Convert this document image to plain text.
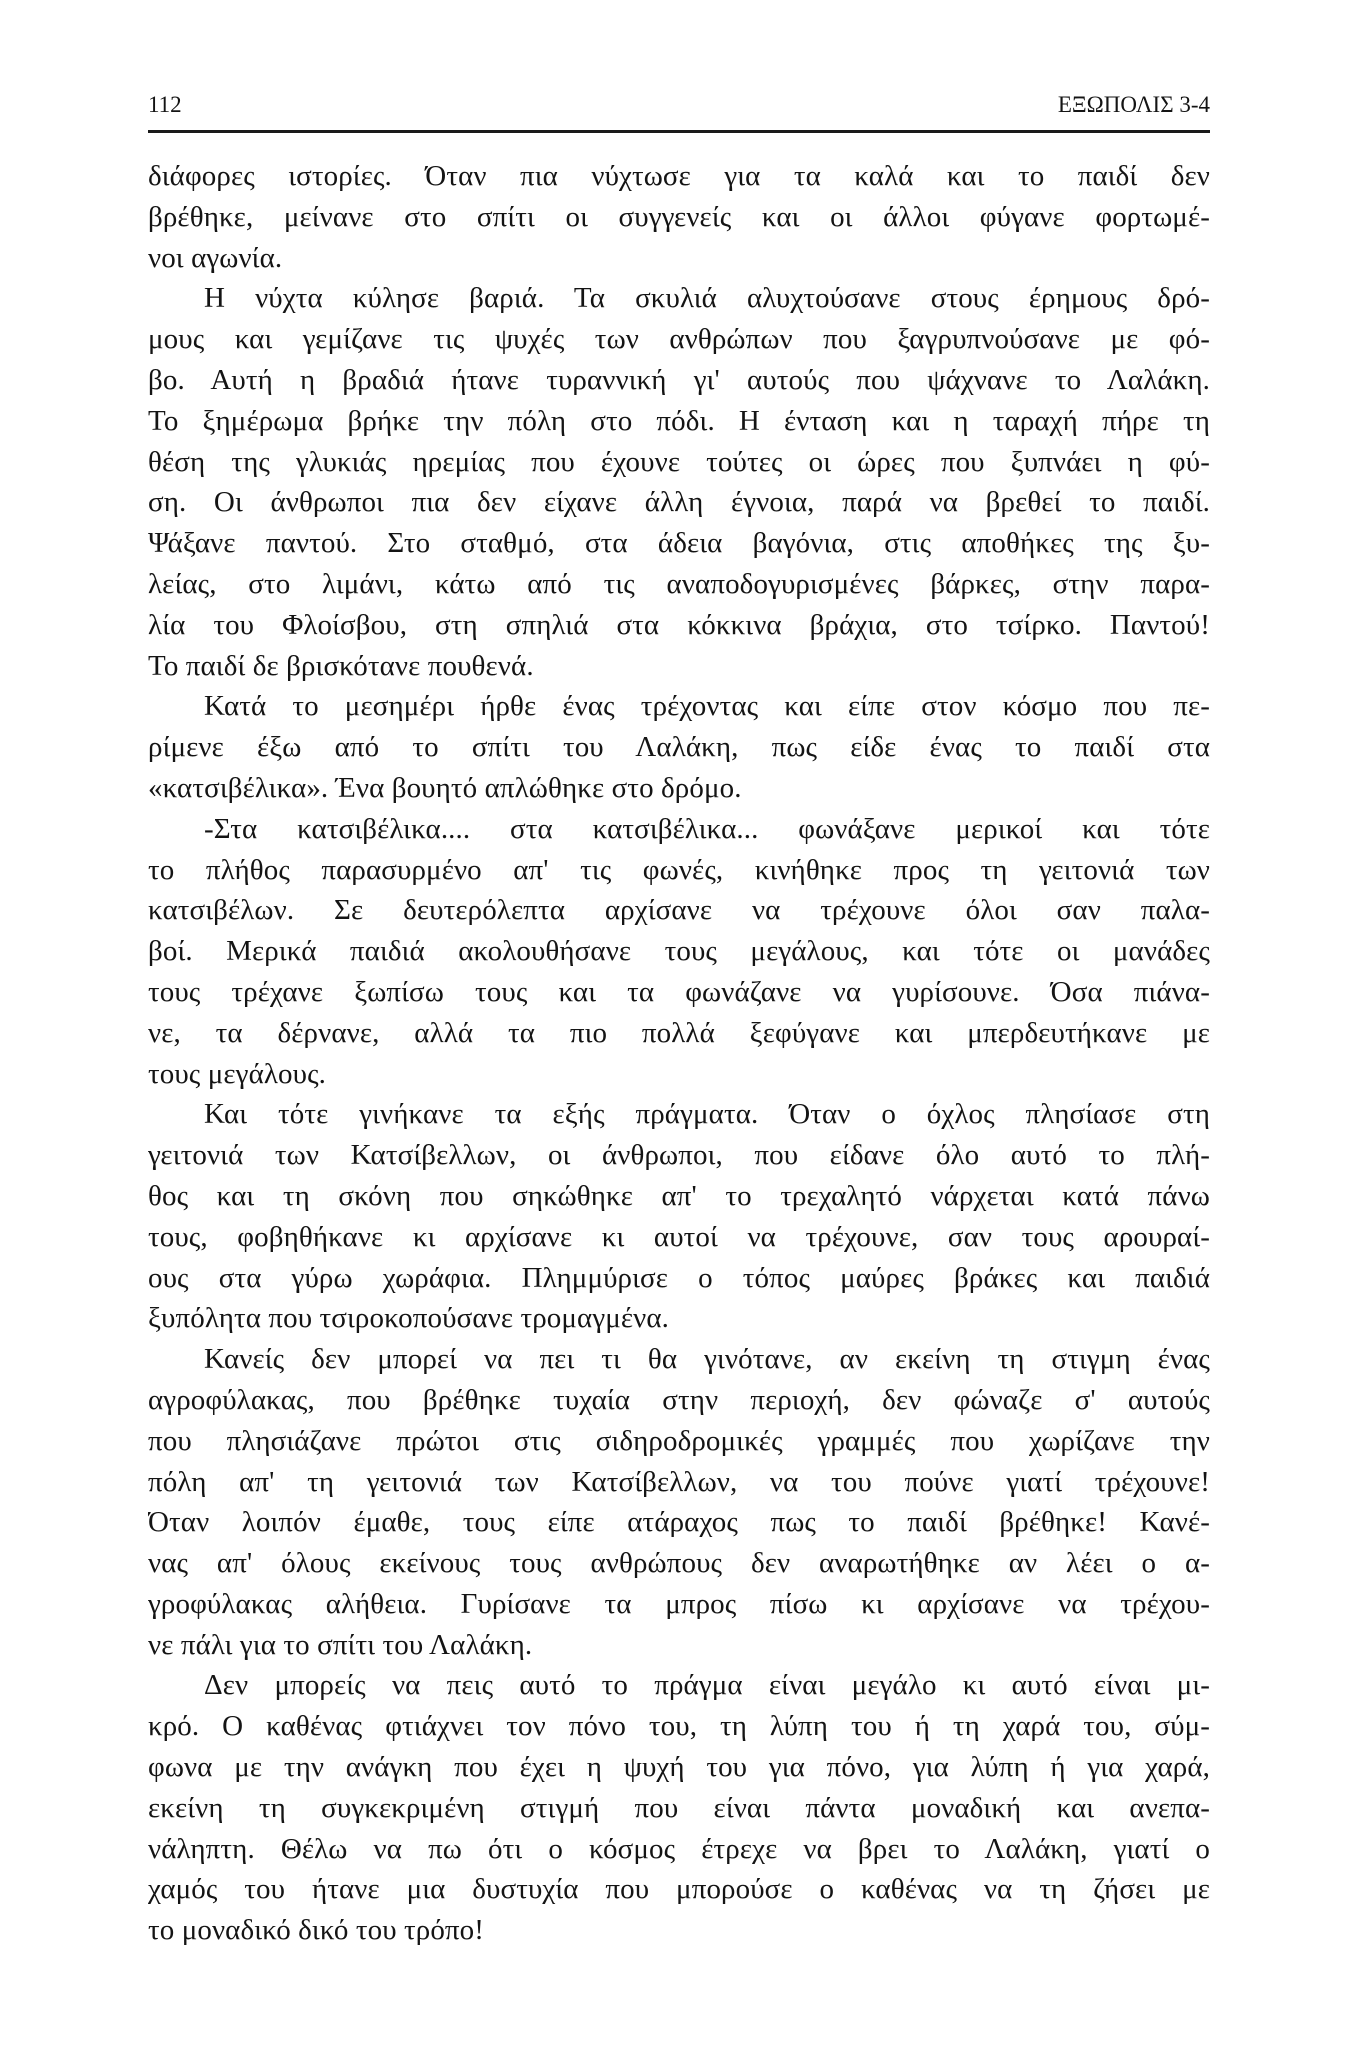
112	ΕΞΩΠΟΛΙΣ 3-4
διάφορες ιστορίες. Όταν πια νύχτωσε για τα καλά και το παιδί δεν
βρέθηκε, μείνανε στο σπίτι οι συγγενείς και οι άλλοι φύγανε φορτωμέ-
νοι αγωνία.
Η νύχτα κύλησε βαριά. Τα σκυλιά αλυχτούσανε στους έρημους δρό-
μους και γεμίζανε τις ψυχές των ανθρώπων που ξαγρυπνούσανε με φό-
βο. Αυτή η βραδιά ήτανε τυραννική γι' αυτούς που ψάχνανε το Λαλάκη.
Το ξημέρωμα βρήκε την πόλη στο πόδι. Η ένταση και η ταραχή πήρε τη
θέση της γλυκιάς ηρεμίας που έχουνε τούτες οι ώρες που ξυπνάει η φύ-
ση. Οι άνθρωποι πια δεν είχανε άλλη έγνοια, παρά να βρεθεί το παιδί.
Ψάξανε παντού. Στο σταθμό, στα άδεια βαγόνια, στις αποθήκες της ξυ-
λείας, στο λιμάνι, κάτω από τις αναποδογυρισμένες βάρκες, στην παρα-
λία του Φλοίσβου, στη σπηλιά στα κόκκινα βράχια, στο τσίρκο. Παντού!
Το παιδί δε βρισκότανε πουθενά.
Κατά το μεσημέρι ήρθε ένας τρέχοντας και είπε στον κόσμο που πε-
ρίμενε έξω από το σπίτι του Λαλάκη, πως είδε ένας το παιδί στα
«κατσιβέλικα». Ένα βουητό απλώθηκε στο δρόμο.
-Στα κατσιβέλικα.... στα κατσιβέλικα... φωνάξανε μερικοί και τότε
το πλήθος παρασυρμένο απ' τις φωνές, κινήθηκε προς τη γειτονιά των
κατσιβέλων. Σε δευτερόλεπτα αρχίσανε να τρέχουνε όλοι σαν παλα-
βοί. Μερικά παιδιά ακολουθήσανε τους μεγάλους, και τότε οι μανάδες
τους τρέχανε ξωπίσω τους και τα φωνάζανε να γυρίσουνε. Όσα πιάνα-
νε, τα δέρνανε, αλλά τα πιο πολλά ξεφύγανε και μπερδευτήκανε με
τους μεγάλους.
Και τότε γινήκανε τα εξής πράγματα. Όταν ο όχλος πλησίασε στη
γειτονιά των Κατσίβελλων, οι άνθρωποι, που είδανε όλο αυτό το πλή-
θος και τη σκόνη που σηκώθηκε απ' το τρεχαλητό νάρχεται κατά πάνω
τους, φοβηθήκανε κι αρχίσανε κι αυτοί να τρέχουνε, σαν τους αρουραί-
ους στα γύρω χωράφια. Πλημμύρισε ο τόπος μαύρες βράκες και παιδιά
ξυπόλητα που τσιροκοπούσανε τρομαγμένα.
Κανείς δεν μπορεί να πει τι θα γινότανε, αν εκείνη τη στιγμη ένας
αγροφύλακας, που βρέθηκε τυχαία στην περιοχή, δεν φώναζε σ' αυτούς
που πλησιάζανε πρώτοι στις σιδηροδρομικές γραμμές που χωρίζανε την
πόλη απ' τη γειτονιά των Κατσίβελλων, να του πούνε γιατί τρέχουνε!
Όταν λοιπόν έμαθε, τους είπε ατάραχος πως το παιδί βρέθηκε! Κανέ-
νας απ' όλους εκείνους τους ανθρώπους δεν αναρωτήθηκε αν λέει ο α-
γροφύλακας αλήθεια. Γυρίσανε τα μπρος πίσω κι αρχίσανε να τρέχου-
νε πάλι για το σπίτι του Λαλάκη.
Δεν μπορείς να πεις αυτό το πράγμα είναι μεγάλο κι αυτό είναι μι-
κρό. Ο καθένας φτιάχνει τον πόνο του, τη λύπη του ή τη χαρά του, σύμ-
φωνα με την ανάγκη που έχει η ψυχή του για πόνο, για λύπη ή για χαρά,
εκείνη τη συγκεκριμένη στιγμή που είναι πάντα μοναδική και ανεπα-
νάληπτη. Θέλω να πω ότι ο κόσμος έτρεχε να βρει το Λαλάκη, γιατί ο
χαμός του ήτανε μια δυστυχία που μπορούσε ο καθένας να τη ζήσει με
το μοναδικό δικό του τρόπο!
